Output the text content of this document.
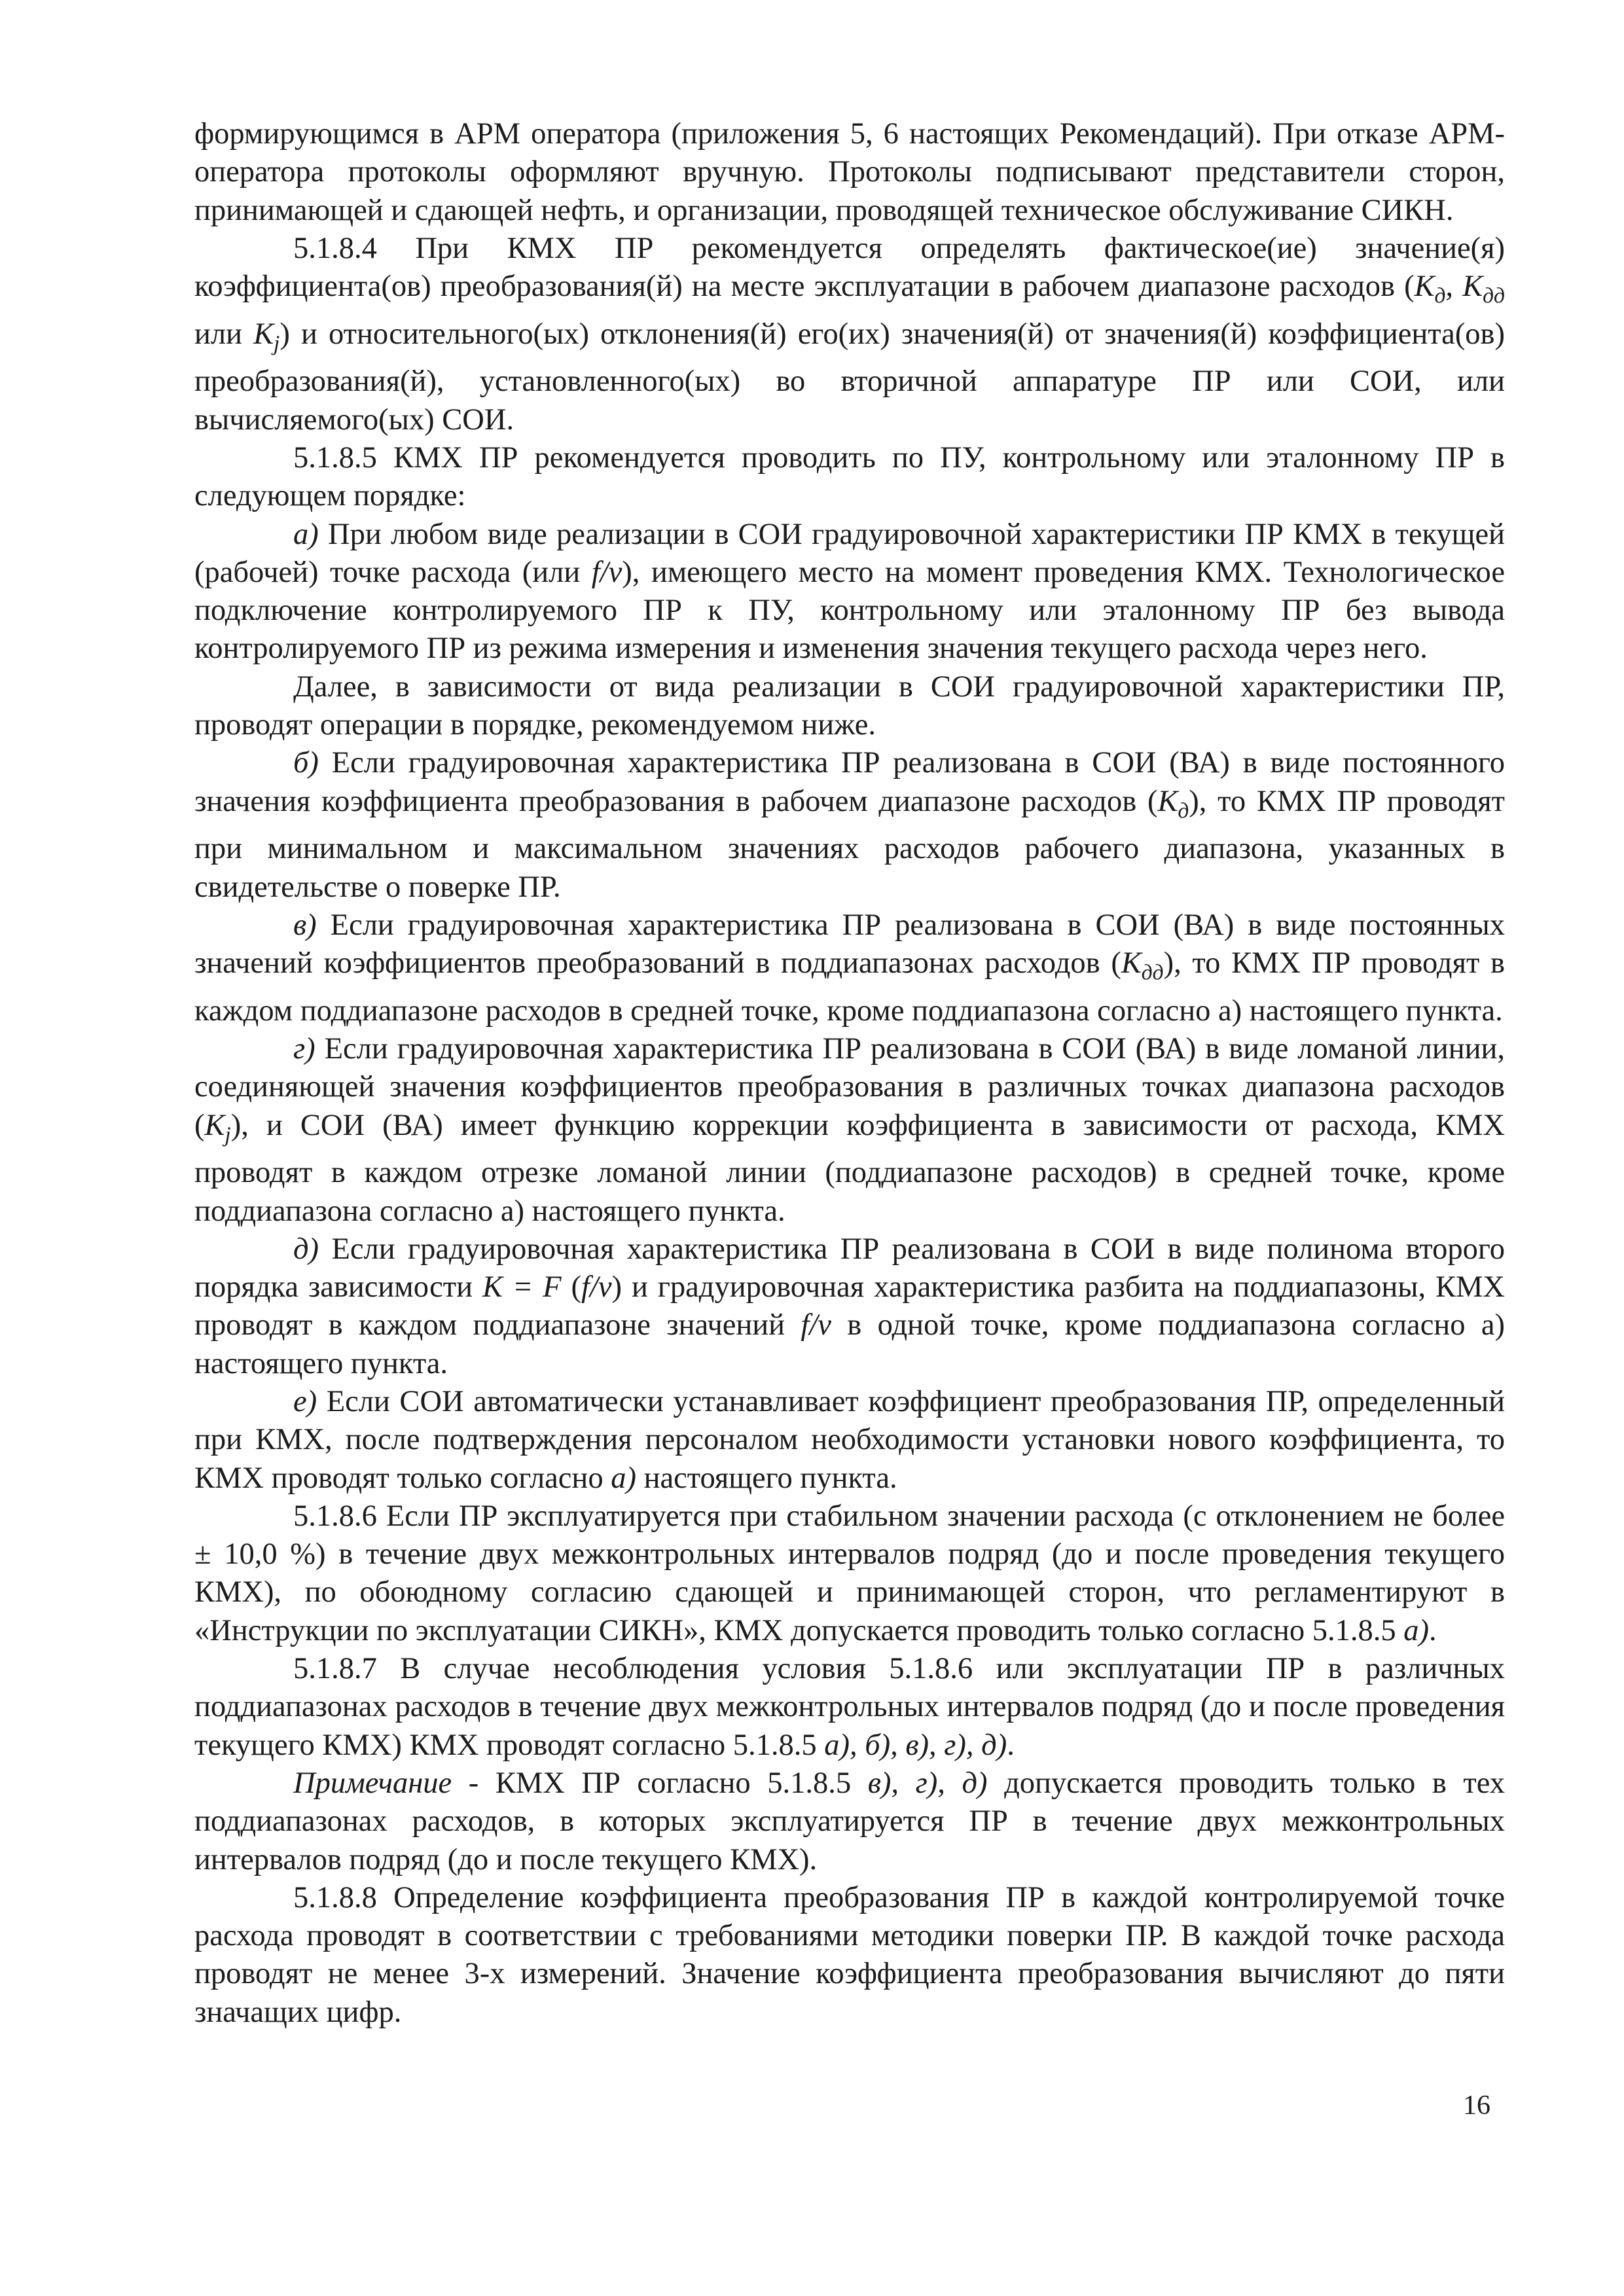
формирующимся в АРМ оператора (приложения 5, 6 настоящих Рекомендаций). При отказе АРМ-оператора протоколы оформляют вручную. Протоколы подписывают представители сторон, принимающей и сдающей нефть, и организации, проводящей техническое обслуживание СИКН.

5.1.8.4 При КМХ ПР рекомендуется определять фактическое(ие) значение(я) коэффициента(ов) преобразования(й) на месте эксплуатации в рабочем диапазоне расходов ($К_д$, $К_{дд}$ или $К_j$) и относительного(ых) отклонения(й) его(их) значения(й) от значения(й) коэффициента(ов) преобразования(й), установленного(ых) во вторичной аппаратуре ПР или СОИ, или вычисляемого(ых) СОИ.

5.1.8.5 КМХ ПР рекомендуется проводить по ПУ, контрольному или эталонному ПР в следующем порядке:

а) При любом виде реализации в СОИ градуировочной характеристики ПР КМХ в текущей (рабочей) точке расхода (или f/v), имеющего место на момент проведения КМХ. Технологическое подключение контролируемого ПР к ПУ, контрольному или эталонному ПР без вывода контролируемого ПР из режима измерения и изменения значения текущего расхода через него.

Далее, в зависимости от вида реализации в СОИ градуировочной характеристики ПР, проводят операции в порядке, рекомендуемом ниже.

б) Если градуировочная характеристика ПР реализована в СОИ (ВА) в виде постоянного значения коэффициента преобразования в рабочем диапазоне расходов $(К_д)$, то КМХ ПР проводят при минимальном и максимальном значениях расходов рабочего диапазона, указанных в свидетельстве о поверке ПР.

в) Если градуировочная характеристика ПР реализована в СОИ (ВА) в виде постоянных значений коэффициентов преобразований в поддиапазонах расходов $(К_{дд})$, то КМХ ПР проводят в каждом поддиапазоне расходов в средней точке, кроме поддиапазона согласно а) настоящего пункта.

г) Если градуировочная характеристика ПР реализована в СОИ (ВА) в виде ломаной линии, соединяющей значения коэффициентов преобразования в различных точках диапазона расходов $(К_j)$, и СОИ (ВА) имеет функцию коррекции коэффициента в зависимости от расхода, КМХ проводят в каждом отрезке ломаной линии (поддиапазоне расходов) в средней точке, кроме поддиапазона согласно а) настоящего пункта.

д) Если градуировочная характеристика ПР реализована в СОИ в виде полинома второго порядка зависимости К = F (f/v) и градуировочная характеристика разбита на поддиапазоны, КМХ проводят в каждом поддиапазоне значений f/v в одной точке, кроме поддиапазона согласно а) настоящего пункта.

е) Если СОИ автоматически устанавливает коэффициент преобразования ПР, определенный при КМХ, после подтверждения персоналом необходимости установки нового коэффициента, то КМХ проводят только согласно а) настоящего пункта.

5.1.8.6 Если ПР эксплуатируется при стабильном значении расхода (с отклонением не более ± 10,0 %) в течение двух межконтрольных интервалов подряд (до и после проведения текущего КМХ), по обоюдному согласию сдающей и принимающей сторон, что регламентируют в «Инструкции по эксплуатации СИКН», КМХ допускается проводить только согласно 5.1.8.5 а).

5.1.8.7 В случае несоблюдения условия 5.1.8.6 или эксплуатации ПР в различных поддиапазонах расходов в течение двух межконтрольных интервалов подряд (до и после проведения текущего КМХ) КМХ проводят согласно 5.1.8.5 а), б), в), г), д).

Примечание - КМХ ПР согласно 5.1.8.5 в), г), д) допускается проводить только в тех поддиапазонах расходов, в которых эксплуатируется ПР в течение двух межконтрольных интервалов подряд (до и после текущего КМХ).

5.1.8.8 Определение коэффициента преобразования ПР в каждой контролируемой точке расхода проводят в соответствии с требованиями методики поверки ПР. В каждой точке расхода проводят не менее 3-х измерений. Значение коэффициента преобразования вычисляют до пяти значащих цифр.

16
